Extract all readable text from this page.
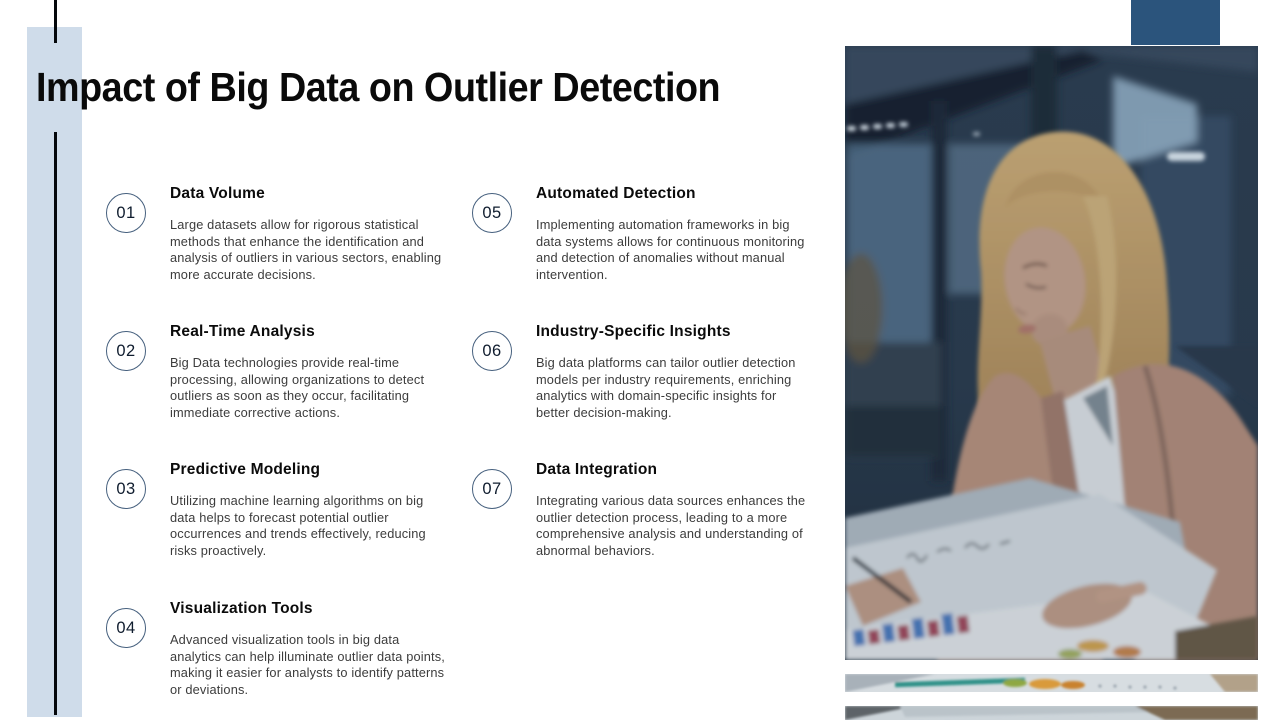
Impact of Big Data on Outlier Detection
01
Data Volume

Large datasets allow for rigorous statistical methods that enhance the identification and analysis of outliers in various sectors, enabling more accurate decisions.

02
Real-Time Analysis

Big Data technologies provide real-time processing, allowing organizations to detect outliers as soon as they occur, facilitating immediate corrective actions.

03
Predictive Modeling

Utilizing machine learning algorithms on big data helps to forecast potential outlier occurrences and trends effectively, reducing risks proactively.

04
Visualization Tools

Advanced visualization tools in big data analytics can help illuminate outlier data points, making it easier for analysts to identify patterns or deviations.

05
Automated Detection

Implementing automation frameworks in big data systems allows for continuous monitoring and detection of anomalies without manual intervention.

06
Industry-Specific Insights

Big data platforms can tailor outlier detection models per industry requirements, enriching analytics with domain-specific insights for better decision-making.

07
Data Integration

Integrating various data sources enhances the outlier detection process, leading to a more comprehensive analysis and understanding of abnormal behaviors.
